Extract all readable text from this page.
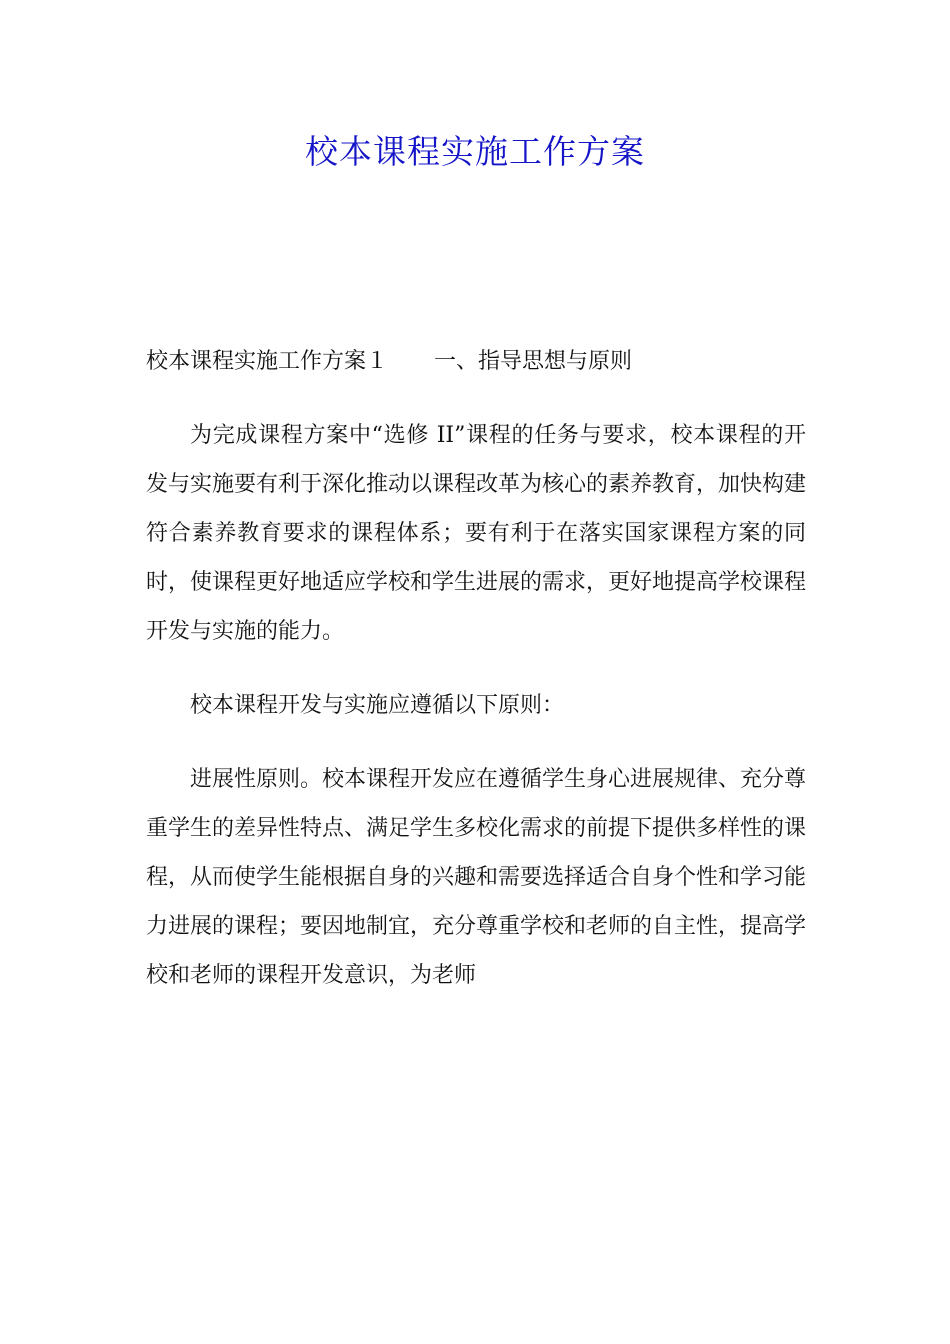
校本课程实施工作方案

校本课程实施工作方案１ 一、指导思想与原则

为完成课程方案中“选修 II”课程的任务与要求，校本课程的开发与实施要有利于深化推动以课程改革为核心的素养教育，加快构建符合素养教育要求的课程体系；要有利于在落实国家课程方案的同时，使课程更好地适应学校和学生进展的需求，更好地提高学校课程开发与实施的能力。

校本课程开发与实施应遵循以下原则：

进展性原则。校本课程开发应在遵循学生身心进展规律、充分尊重学生的差异性特点、满足学生多校化需求的前提下提供多样性的课程，从而使学生能根据自身的兴趣和需要选择适合自身个性和学习能力进展的课程；要因地制宜，充分尊重学校和老师的自主性，提高学校和老师的课程开发意识，为老师
